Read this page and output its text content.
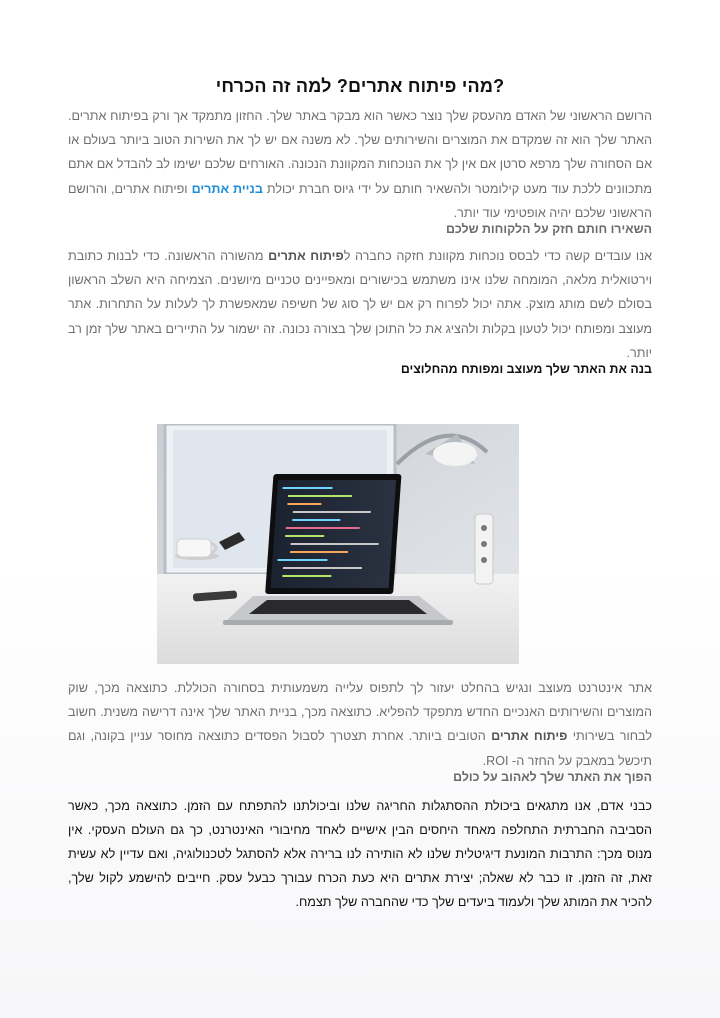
?מהי פיתוח אתרים? למה זה הכרחי
הרושם הראשוני של האדם מהעסק שלך נוצר כאשר הוא מבקר באתר שלך. החזון מתמקד אך ורק בפיתוח אתרים. האתר שלך הוא זה שמקדם את המוצרים והשירותים שלך. לא משנה אם יש לך את השירות הטוב ביותר בעולם או אם הסחורה שלך מרפא סרטן אם אין לך את הנוכחות המקוונת הנכונה. האורחים שלכם ישימו לב להבדל אם אתם מתכוונים ללכת עוד מעט קילומטר ולהשאיר חותם על ידי גיוס חברת יכולת בניית אתרים ופיתוח אתרים, והרושם הראשוני שלכם יהיה אופטימי עוד יותר.
השאירו חותם חזק על הלקוחות שלכם
אנו עובדים קשה כדי לבסס נוכחות מקוונת חזקה כחברה לפיתוח אתרים מהשורה הראשונה. כדי לבנות כתובת וירטואלית מלאה, המומחה שלנו אינו משתמש בכישורים ומאפיינים טכניים מיושנים. הצמיחה היא השלב הראשון בסולם לשם מותג מוצק. אתה יכול לפרוח רק אם יש לך סוג של חשיפה שמאפשרת לך לעלות על התחרות. אתר מעוצב ומפותח יכול לטעון בקלות ולהציג את כל התוכן שלך בצורה נכונה. זה ישמור על התיירים באתר שלך זמן רב יותר.
בנה את האתר שלך מעוצב ומפותח מהחלוצים
אתר אינטרנט מעוצב ונגיש בהחלט יעזור לך לתפוס עלייה משמעותית בסחורה הכוללת. כתוצאה מכך, שוק המוצרים והשירותים האנכיים החדש מתפקד להפליא. כתוצאה מכך, בניית האתר שלך אינה דרישה משנית. חשוב לבחור בשירותי פיתוח אתרים הטובים ביותר. אחרת תצטרך לסבול הפסדים כתוצאה מחוסר עניין בקונה, וגם תיכשל במאבק על החזר ה- ROI.
הפוך את האתר שלך לאהוב על כולם
כבני אדם, אנו מתגאים ביכולת ההסתגלות החריגה שלנו וביכולתנו להתפתח עם הזמן. כתוצאה מכך, כאשר הסביבה החברתית התחלפה מאחד היחסים הבין אישיים לאחד מחיבורי האינטרנט, כך גם העולם העסקי. אין מנוס מכך: התרבות המונעת דיגיטלית שלנו לא הותירה לנו ברירה אלא להסתגל לטכנולוגיה, ואם עדיין לא עשית זאת, זה הזמן. זו כבר לא שאלה; יצירת אתרים היא כעת הכרח עבורך כבעל עסק. חייבים להישמע לקול שלך, להכיר את המותג שלך ולעמוד ביעדים שלך כדי שהחברה שלך תצמח.
